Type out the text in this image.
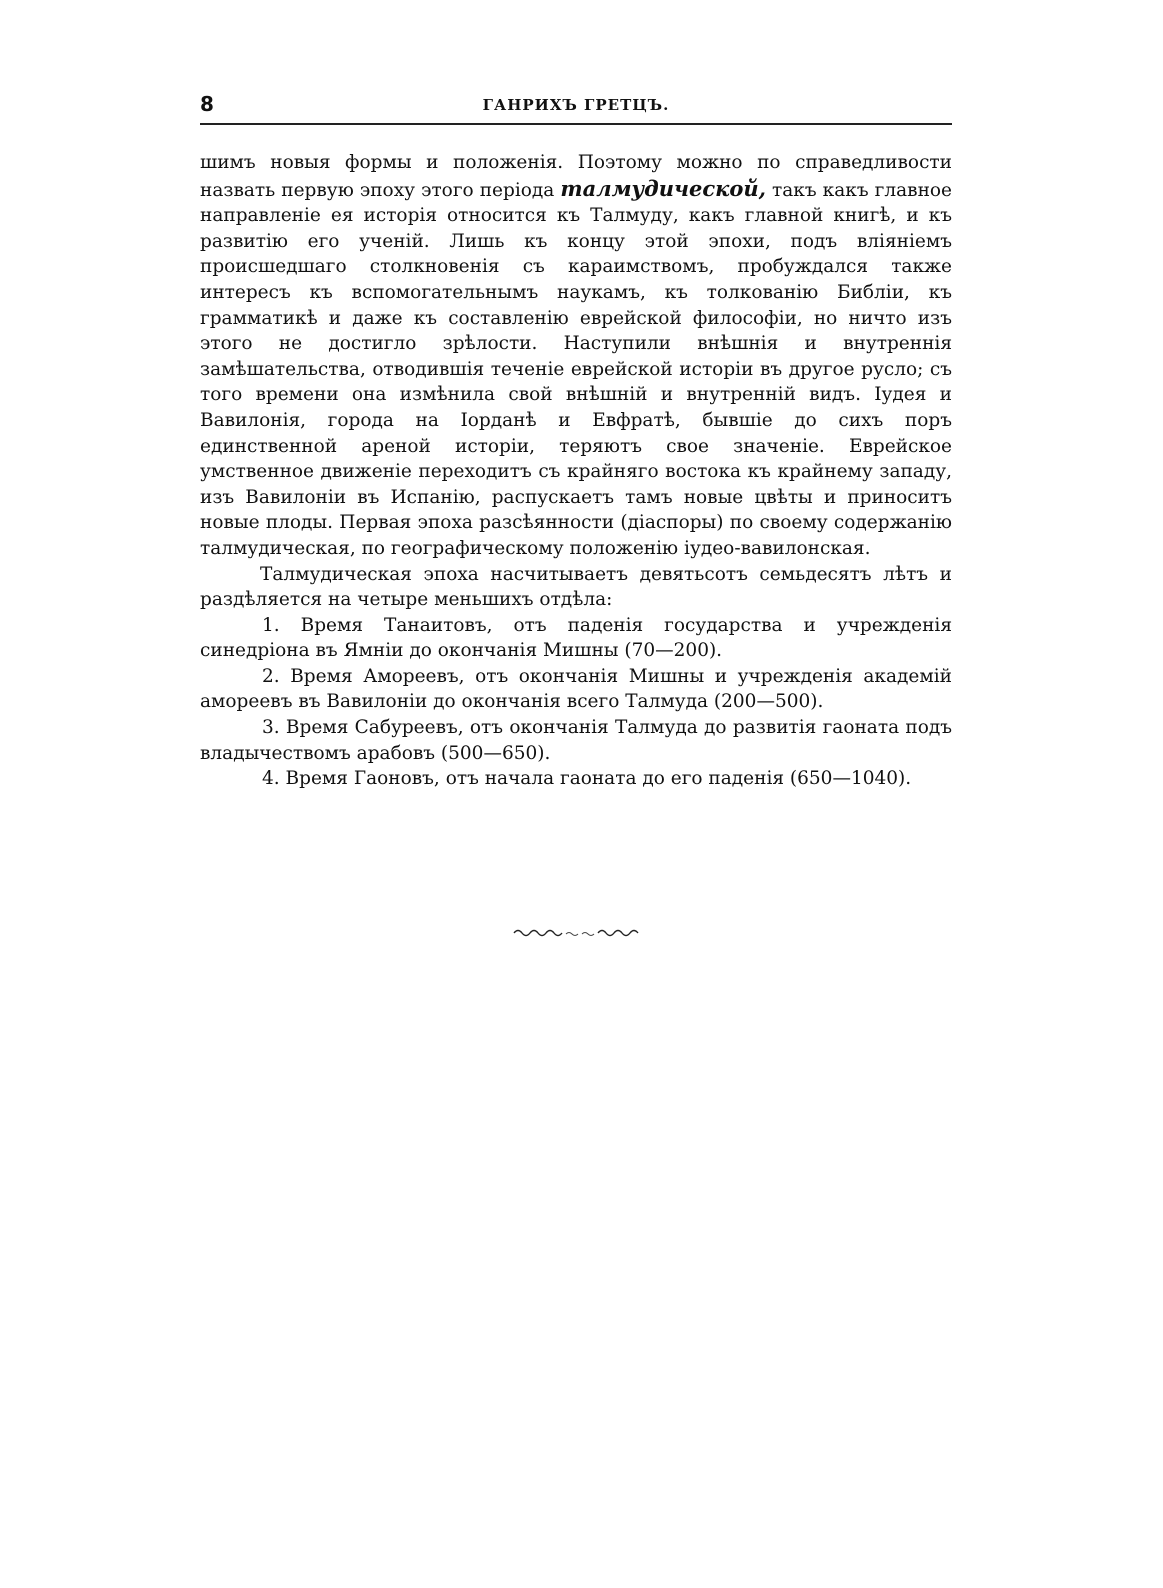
8	ГАНРИХЪ ГРЕТЦЪ.

шимъ новыя формы и положенія. Поэтому можно по справедливости назвать первую эпоху этого періода талмудической, такъ какъ главное направленіе ея исторія относится къ Талмуду, какъ главной книгѣ, и къ развитію его ученій. Лишь къ концу этой эпохи, подъ вліяніемъ происшедшаго столкновенія съ караимствомъ, пробуждался также интересъ къ вспомогательнымъ наукамъ, къ толкованію Библіи, къ грамматикѣ и даже къ составленію еврейской философіи, но ничто изъ этого не достигло зрѣлости. Наступили внѣшнія и внутреннія замѣшательства, отводившія теченіе еврейской исторіи въ другое русло; съ того времени она измѣнила свой внѣшній и внутренній видъ. Іудея и Вавилонія, города на Іорданѣ и Евфратѣ, бывшіе до сихъ поръ единственной ареной исторіи, теряютъ свое значеніе. Еврейское умственное движеніе переходитъ съ крайняго востока къ крайнему западу, изъ Вавилоніи въ Испанію, распускаетъ тамъ новые цвѣты и приноситъ новые плоды. Первая эпоха разсѣянности (діаспоры) по своему содержанію талмудическая, по географическому положенію іудео-вавилонская.

Талмудическая эпоха насчитываетъ девятьсотъ семьдесятъ лѣтъ и раздѣляется на четыре меньшихъ отдѣла:

1. Время Танаитовъ, отъ паденія государства и учрежденія синедріона въ Ямніи до окончанія Мишны (70—200).

2. Время Амореевъ, отъ окончанія Мишны и учрежденія академій амореевъ въ Вавилоніи до окончанія всего Талмуда (200—500).

3. Время Сабуреевъ, отъ окончанія Талмуда до развитія гаоната подъ владычествомъ арабовъ (500—650).

4. Время Гаоновъ, отъ начала гаоната до его паденія (650—1040).
